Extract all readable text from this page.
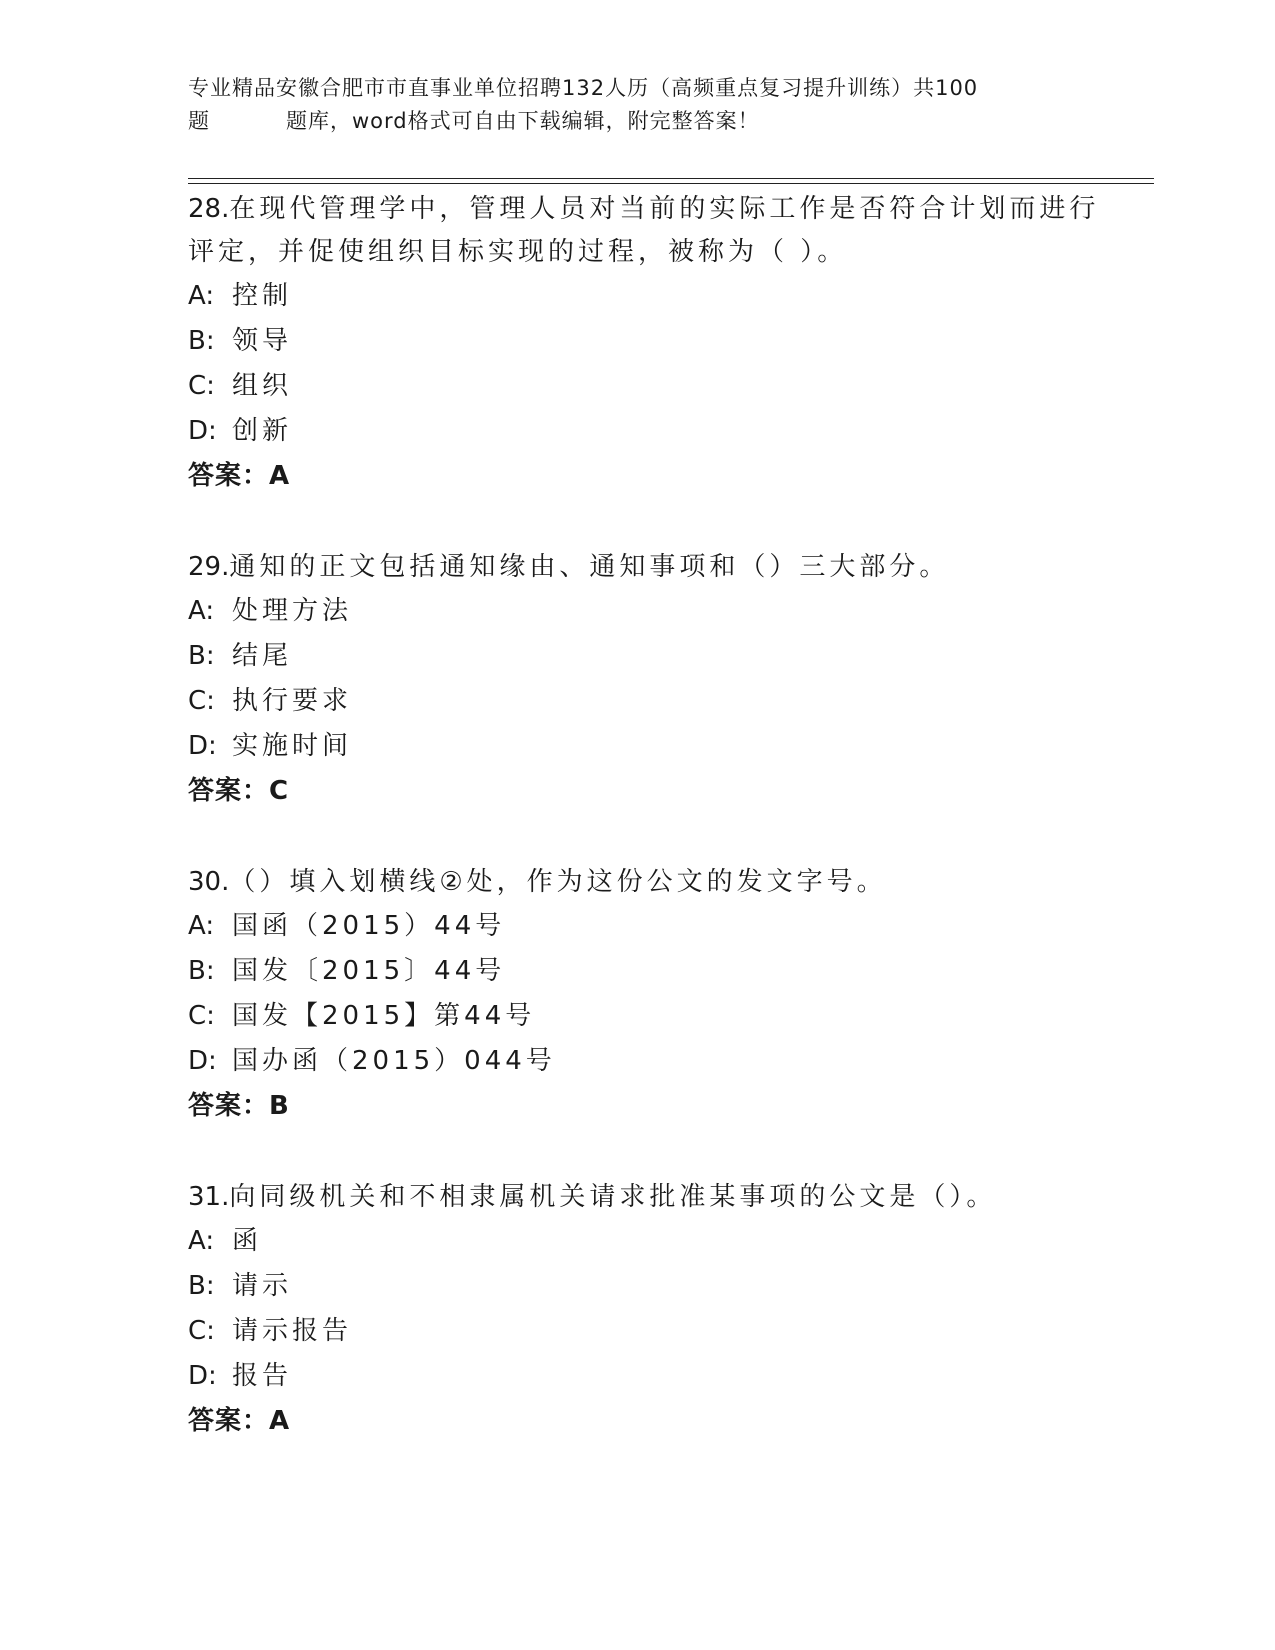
专业精品安徽合肥市市直事业单位招聘132人历（高频重点复习提升训练）共100
题	题库，word格式可自由下载编辑，附完整答案！
28.在现代管理学中，管理人员对当前的实际工作是否符合计划而进行
评定，并促使组织目标实现的过程，被称为（ ）。
A: 控制
B: 领导
C: 组织
D: 创新
答案：A
29.通知的正文包括通知缘由、通知事项和（）三大部分。
A: 处理方法
B: 结尾
C: 执行要求
D: 实施时间
答案：C
30.（）填入划横线②处，作为这份公文的发文字号。
A: 国函（2015）44号
B: 国发〔2015〕44号
C: 国发【2015】第44号
D: 国办函（2015）044号
答案：B
31.向同级机关和不相隶属机关请求批准某事项的公文是（）。
A: 函
B: 请示
C: 请示报告
D: 报告
答案：A
